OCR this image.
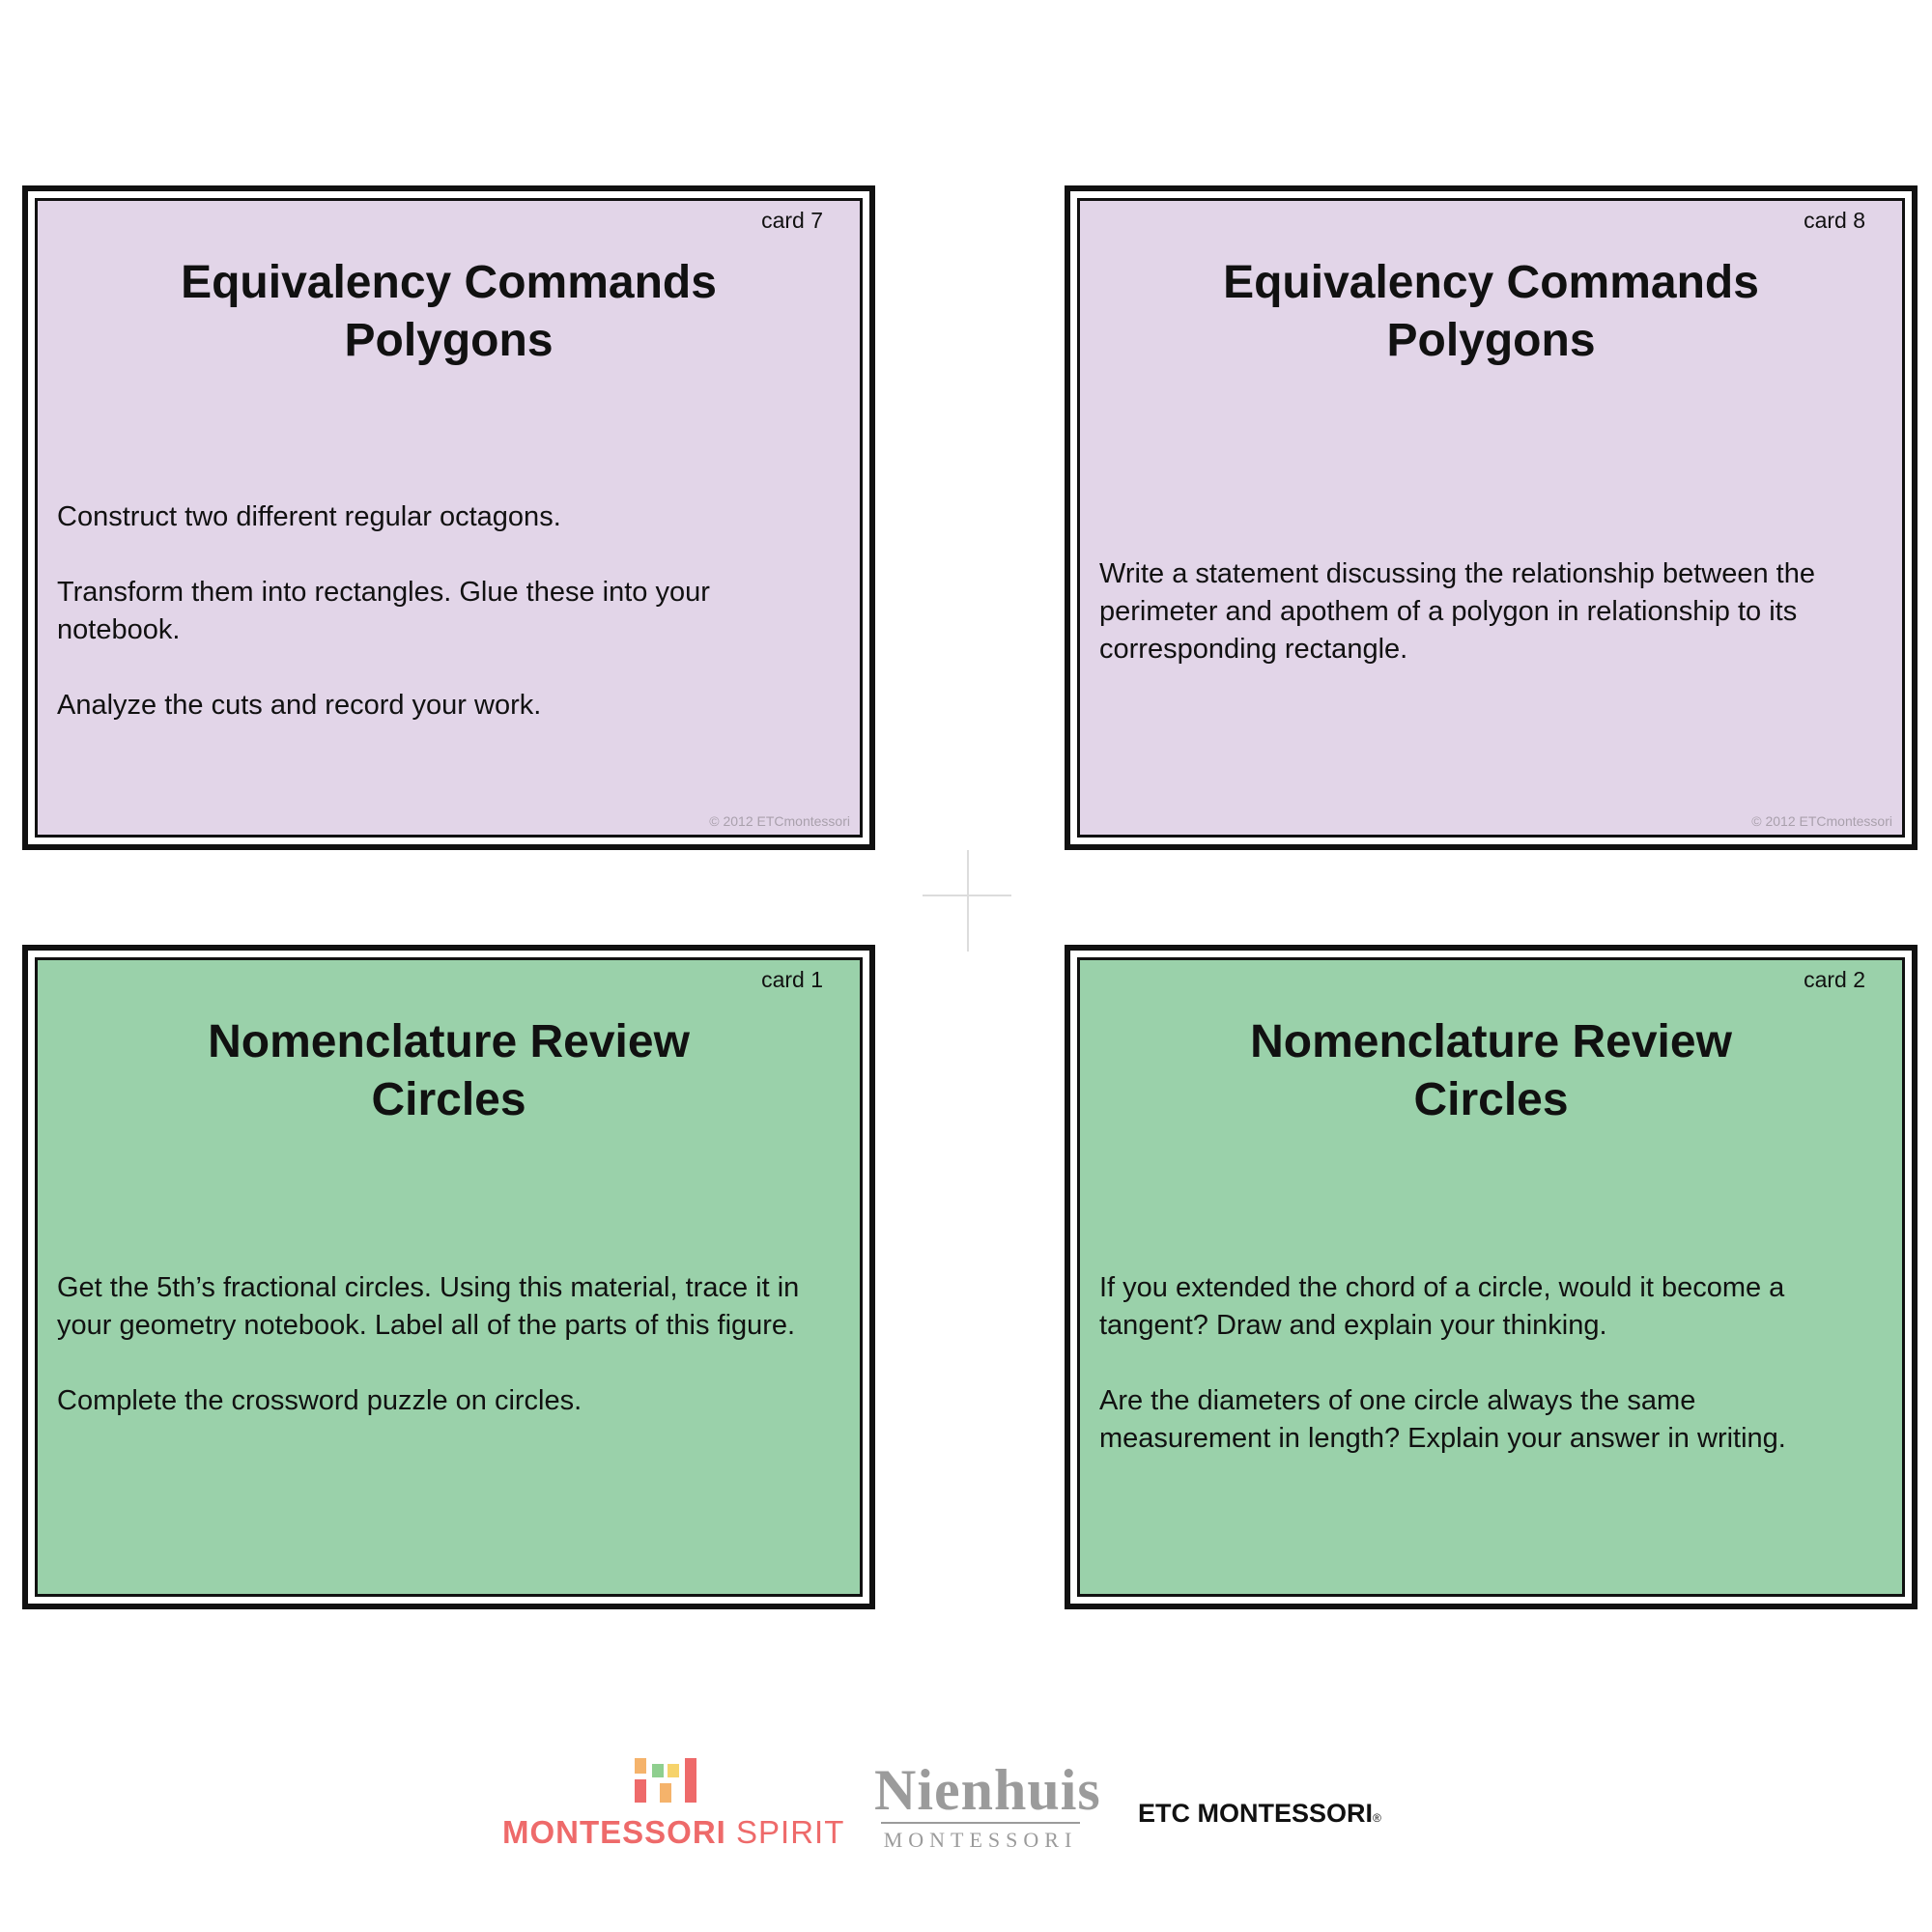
card 7
Equivalency Commands
Polygons

Construct two different regular octagons.

Transform them into rectangles. Glue these into your notebook.

Analyze the cuts and record your work.

© 2012 ETCmontessori
card 8
Equivalency Commands
Polygons

Write a statement discussing the relationship between the perimeter and apothem of a polygon in relationship to its corresponding rectangle.

© 2012 ETCmontessori
card 1
Nomenclature Review
Circles

Get the 5th’s fractional circles. Using this material, trace it in your geometry notebook. Label all of the parts of this figure.

Complete the crossword puzzle on circles.

card 2
Nomenclature Review
Circles

If you extended the chord of a circle, would it become a tangent? Draw and explain your thinking.

Are the diameters of one circle always the same measurement in length? Explain your answer in writing.

MONTESSORI SPIRIT
Nienhuis
MONTESSORI
ETC MONTESSORI®
